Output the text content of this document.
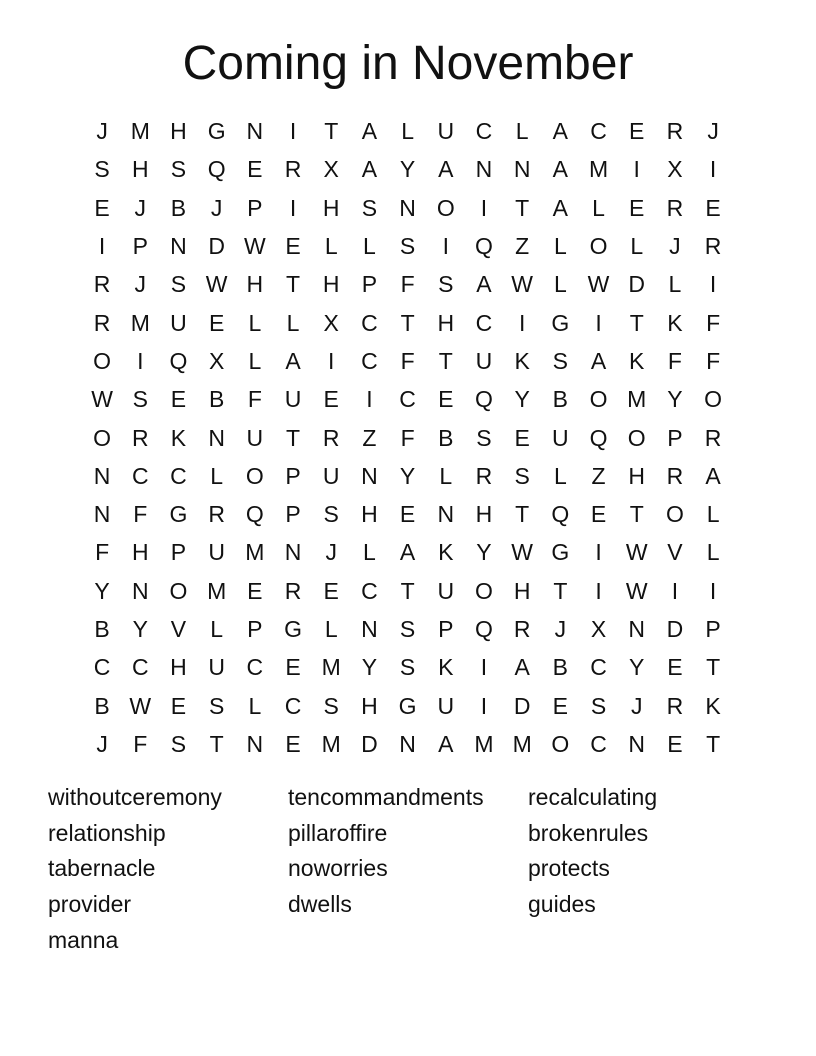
Coming in November
J M H G N	I	T	A	L	U C	L	A C E R	J
S H S Q E R X A Y A N N A M	I	X	I
E	J	B	J	P	I	H S N O	I	T	A	L	E R E
I	P N D W E	L	L	S	I	Q Z	L O L	J	R
R	J	S W H T H P	F	S A W L W D	L	I
R M U E	L	L	X C T H C	I	G	I	T	K	F
O	I	Q X	L	A	I	C F	T U K S A K	F	F
W S E B	F U E	I	C E Q Y B O M Y O
O R K N U T R Z	F	B S E U Q O P R
N C C	L O P U N Y	L	R S	L	Z H R A
N F G R Q P S H E N H T Q E	T O L
F H P U M N	J	L	A K Y W G	I	W V	L
Y N O M E R E C T U O H T	I	W	I	I
B Y V	L	P G L	N S P Q R	J	X N D P
C C H U C E M Y S K	I	A B C Y E	T
B W E S	L	C S H G U	I	D E S	J	R K
J	F	S	T N E M D N A M M O C N E	T
withoutceremony
relationship
tabernacle
provider
manna
tencommandments
pillaroffire
noworries
dwells
recalculating
brokenrules
protects
guides
